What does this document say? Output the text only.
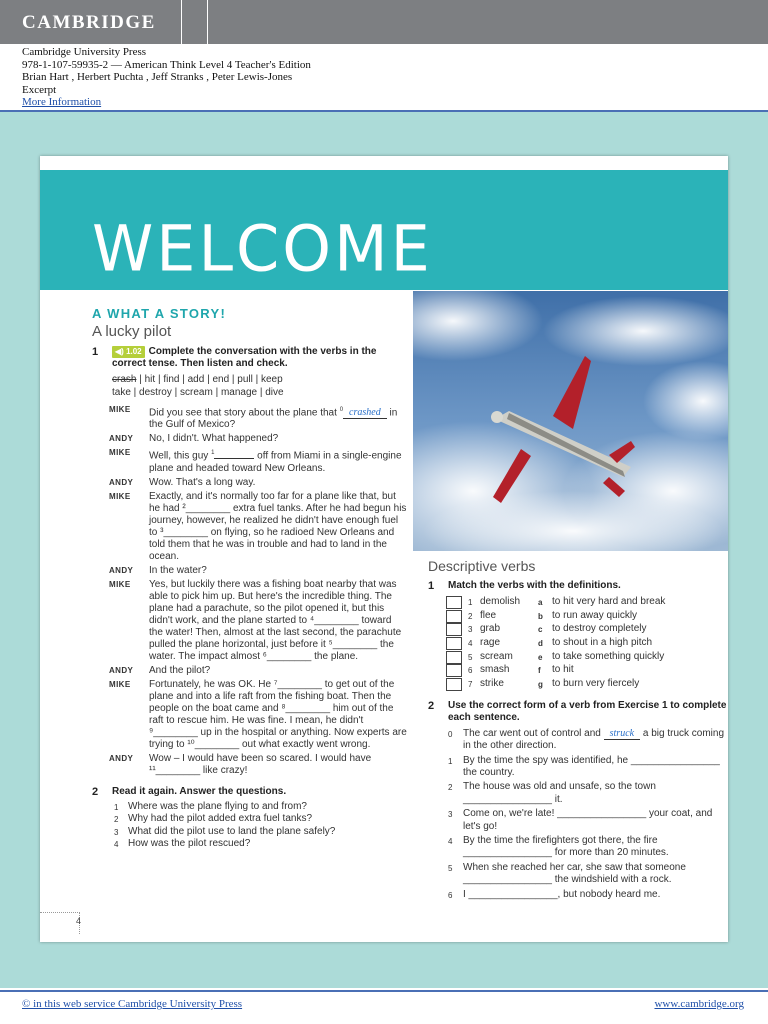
CAMBRIDGE
Cambridge University Press
978-1-107-59935-2 — American Think Level 4 Teacher's Edition
Brian Hart , Herbert Puchta , Jeff Stranks , Peter Lewis-Jones
Excerpt
More Information
WELCOME
A WHAT A STORY!
A lucky pilot
1 ◀) 1.02 Complete the conversation with the verbs in the correct tense. Then listen and check.
crash | hit | find | add | end | pull | keep
take | destroy | scream | manage | dive
MIKE Did you see that story about the plane that $^0$ crashed in the Gulf of Mexico?
ANDY No, I didn't. What happened?
MIKE Well, this guy $^1$	off from Miami in a single-engine plane and headed toward New Orleans.
ANDY Wow. That's a long way.
MIKE Exactly, and it's normally too far for a plane like that, but he had ²________ extra fuel tanks. After he had begun his journey, however, he realized he didn't have enough fuel to ³________ on flying, so he radioed New Orleans and told them that he was in trouble and had to land in the ocean.
ANDY In the water?
MIKE Yes, but luckily there was a fishing boat nearby that was able to pick him up. But here's the incredible thing. The plane had a parachute, so the pilot opened it, but this didn't work, and the plane started to ⁴________ toward the water! Then, almost at the last second, the parachute pulled the plane horizontal, just before it ⁵________ the water. The impact almost ⁶________ the plane.
ANDY And the pilot?
MIKE Fortunately, he was OK. He ⁷________ to get out of the plane and into a life raft from the fishing boat. Then the people on the boat came and ⁸________ him out of the raft to rescue him. He was fine. I mean, he didn't ⁹________ up in the hospital or anything. Now experts are trying to ¹⁰________ out what exactly went wrong.
ANDY Wow – I would have been so scared. I would have ¹¹________ like crazy!
2 Read it again. Answer the questions.
1 Where was the plane flying to and from?
2 Why had the pilot added extra fuel tanks?
3 What did the pilot use to land the plane safely?
4 How was the pilot rescued?
Descriptive verbs
1 Match the verbs with the definitions.
1 demolish a to hit very hard and break
2 flee	b to run away quickly
3 grab	c to destroy completely
4 rage	d to shout in a high pitch
5 scream	e to take something quickly
6 smash	f to hit
7 strike	g to burn very fiercely
2 Use the correct form of a verb from Exercise 1 to complete each sentence.
0 The car went out of control and struck a big truck coming in the other direction.
1 By the time the spy was identified, he ________________ the country.
2 The house was old and unsafe, so the town ________________ it.
3 Come on, we're late! ________________ your coat, and let's go!
4 By the time the firefighters got there, the fire ________________ for more than 20 minutes.
5 When she reached her car, she saw that someone ________________ the windshield with a rock.
6 I ________________, but nobody heard me.
4
© in this web service Cambridge University Press	www.cambridge.org
